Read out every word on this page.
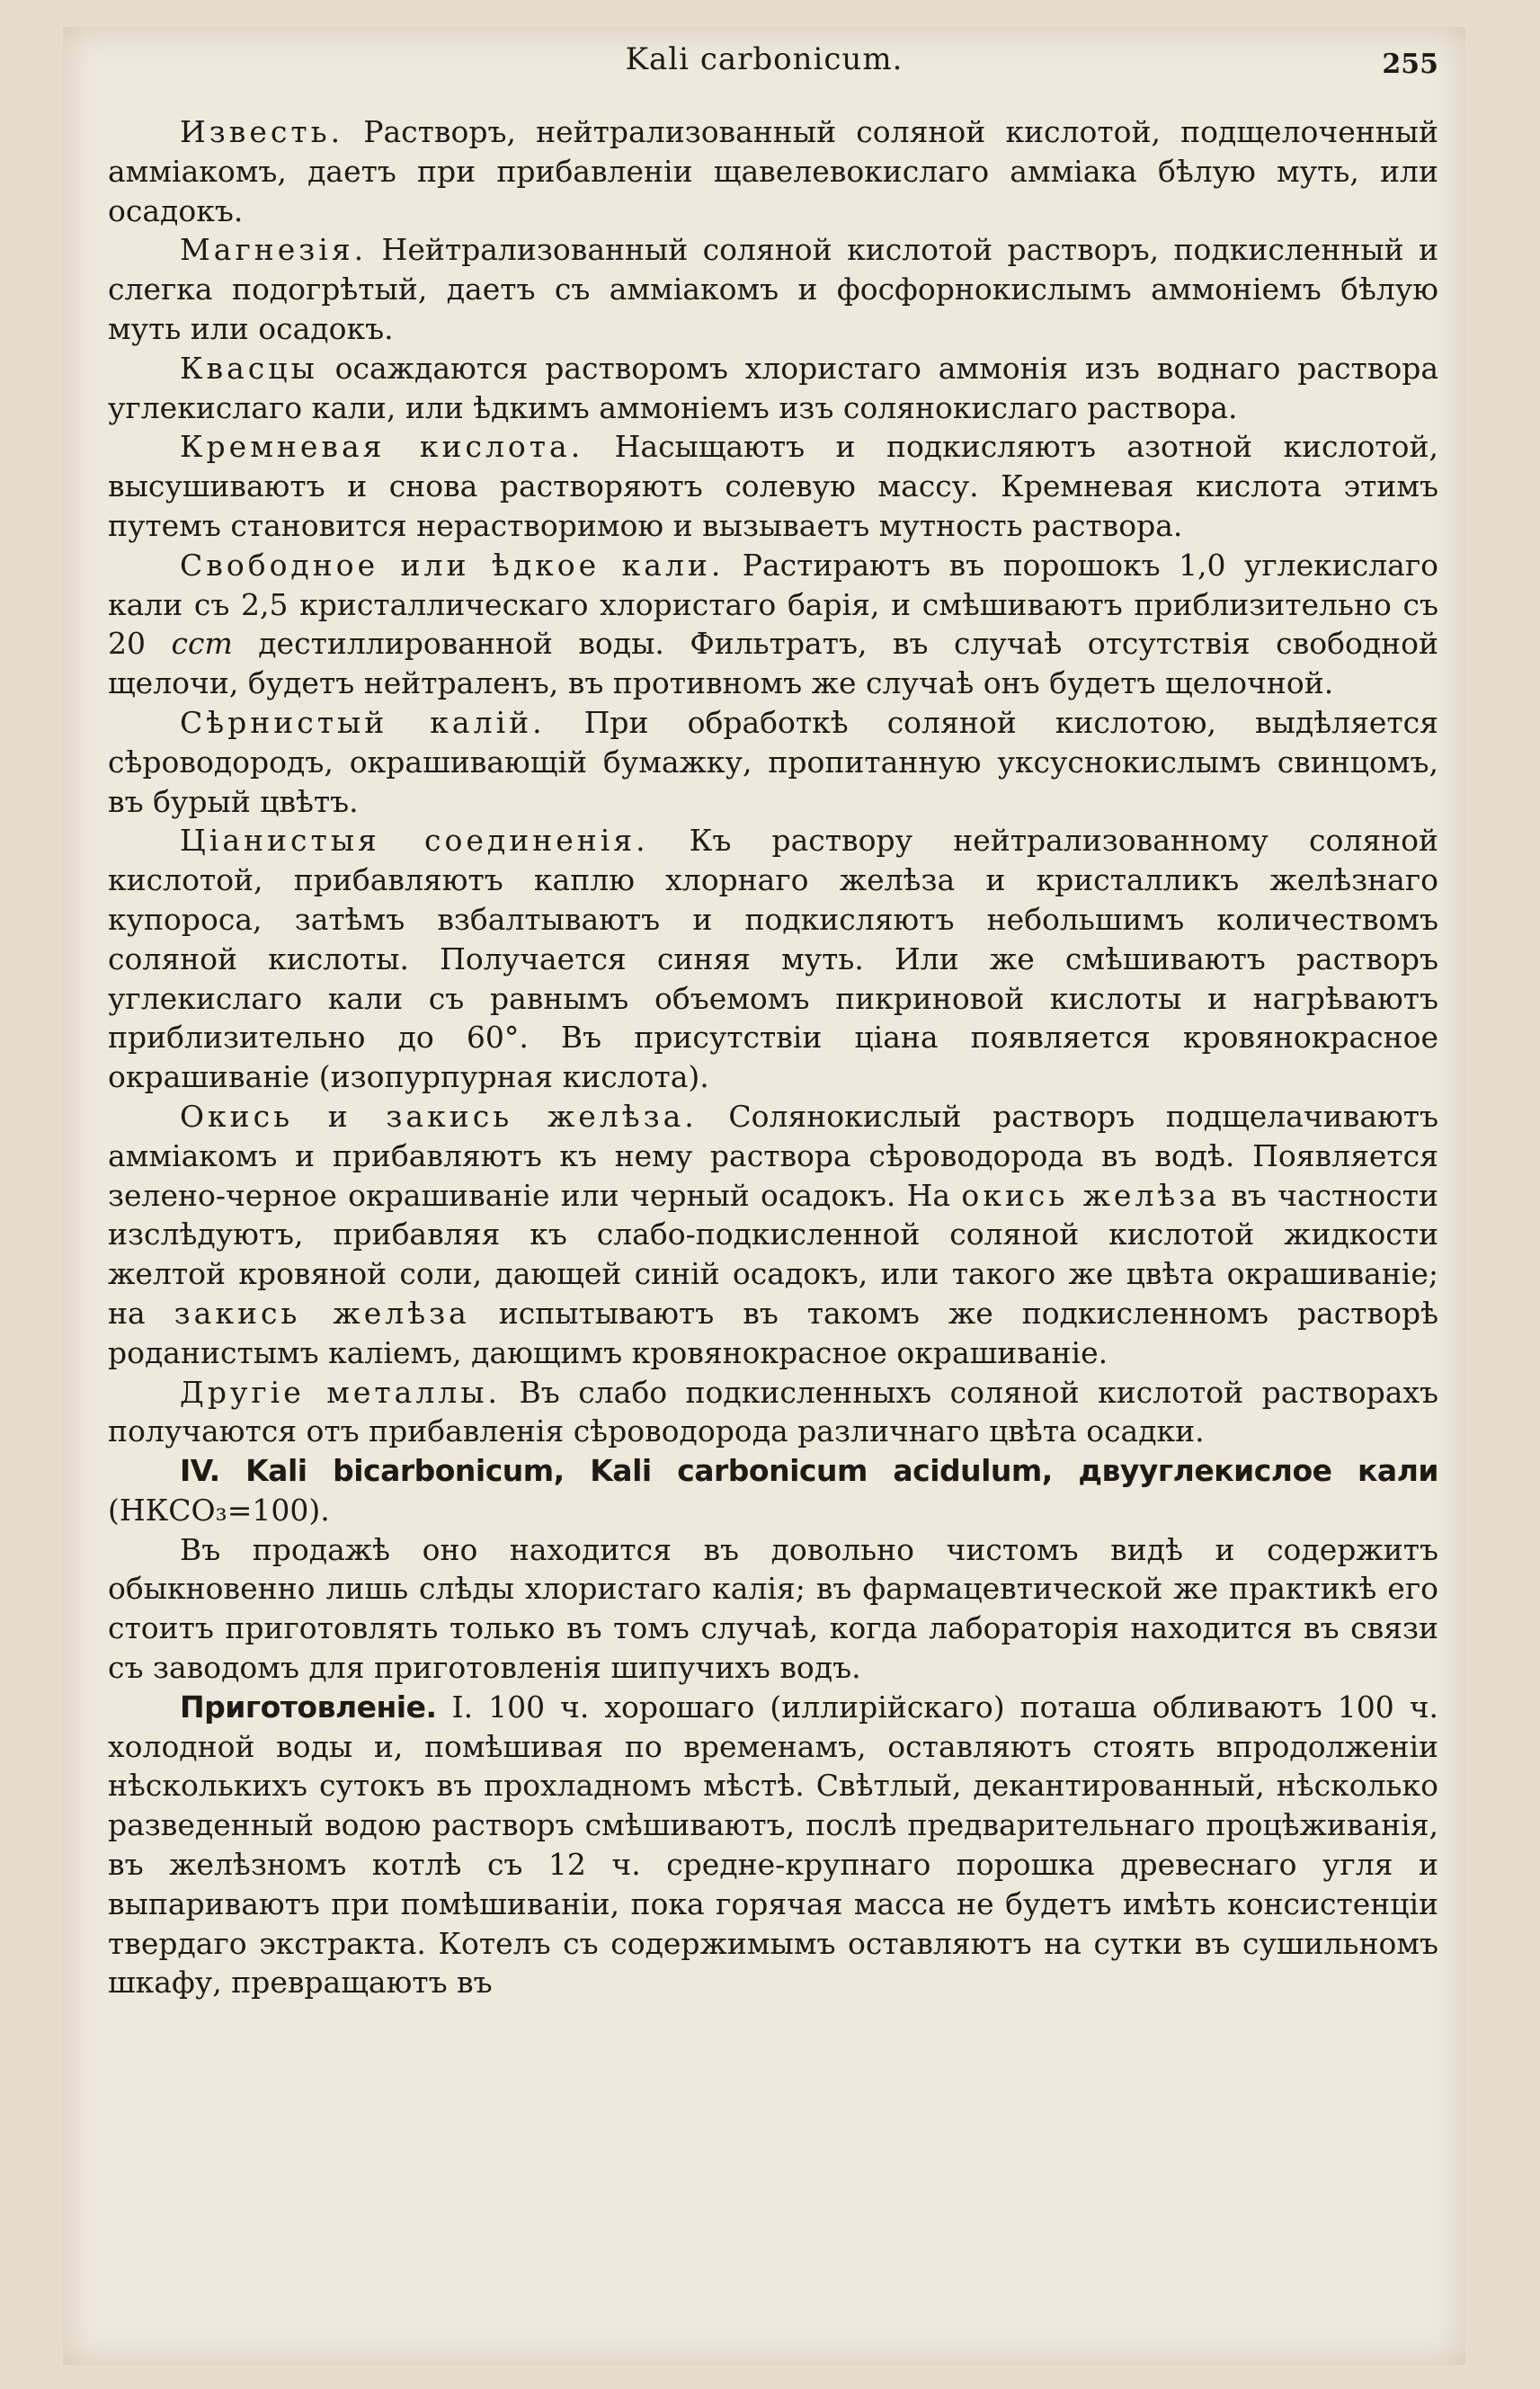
Kali carbonicum.	255

Известь. Растворъ, нейтрализованный соляной кислотой, подщелоченный амміакомъ, даетъ при прибавленіи щавелевокислаго амміака бѣлую муть, или осадокъ.

Магнезія. Нейтрализованный соляной кислотой растворъ, подкисленный и слегка подогрѣтый, даетъ съ амміакомъ и фосфорнокислымъ аммоніемъ бѣлую муть или осадокъ.

Квасцы осаждаются растворомъ хлористаго аммонія изъ воднаго раствора углекислаго кали, или ѣдкимъ аммоніемъ изъ солянокислаго раствора.

Кремневая кислота. Насыщаютъ и подкисляютъ азотной кислотой, высушиваютъ и снова растворяютъ солевую массу. Кремневая кислота этимъ путемъ становится нерастворимою и вызываетъ мутность раствора.

Свободное или ѣдкое кали. Растираютъ въ порошокъ 1,0 углекислаго кали съ 2,5 кристаллическаго хлористаго барія, и смѣшиваютъ приблизительно съ 20 ccm дестиллированной воды. Фильтратъ, въ случаѣ отсутствія свободной щелочи, будетъ нейтраленъ, въ противномъ же случаѣ онъ будетъ щелочной.

Сѣрнистый калій. При обработкѣ соляной кислотою, выдѣляется сѣроводородъ, окрашивающій бумажку, пропитанную уксуснокислымъ свинцомъ, въ бурый цвѣтъ.

Ціанистыя соединенія. Къ раствору нейтрализованному соляной кислотой, прибавляютъ каплю хлорнаго желѣза и кристалликъ желѣзнаго купороса, затѣмъ взбалтываютъ и подкисляютъ небольшимъ количествомъ соляной кислоты. Получается синяя муть. Или же смѣшиваютъ растворъ углекислаго кали съ равнымъ объемомъ пикриновой кислоты и нагрѣваютъ приблизительно до 60°. Въ присутствіи ціана появляется кровянокрасное окрашиваніе (изопурпурная кислота).

Окись и закись желѣза. Солянокислый растворъ подщелачиваютъ амміакомъ и прибавляютъ къ нему раствора сѣроводорода въ водѣ. Появляется зелено-черное окрашиваніе или черный осадокъ. На окись желѣза въ частности изслѣдуютъ, прибавляя къ слабо-подкисленной соляной кислотой жидкости желтой кровяной соли, дающей синій осадокъ, или такого же цвѣта окрашиваніе; на закись желѣза испытываютъ въ такомъ же подкисленномъ растворѣ роданистымъ каліемъ, дающимъ кровянокрасное окрашиваніе.

Другіе металлы. Въ слабо подкисленныхъ соляной кислотой растворахъ получаются отъ прибавленія сѣроводорода различнаго цвѣта осадки.

IV. Kali bicarbonicum, Kali carbonicum acidulum, двууглекислое кали (НКСО₃=100).

Въ продажѣ оно находится въ довольно чистомъ видѣ и содержитъ обыкновенно лишь слѣды хлористаго калія; въ фармацевтической же практикѣ его стоитъ приготовлять только въ томъ случаѣ, когда лабораторія находится въ связи съ заводомъ для приготовленія шипучихъ водъ.

Приготовленіе. I. 100 ч. хорошаго (иллирійскаго) поташа обливаютъ 100 ч. холодной воды и, помѣшивая по временамъ, оставляютъ стоять впродолженіи нѣсколькихъ сутокъ въ прохладномъ мѣстѣ. Свѣтлый, декантированный, нѣсколько разведенный водою растворъ смѣшиваютъ, послѣ предварительнаго процѣживанія, въ желѣзномъ котлѣ съ 12 ч. средне-крупнаго порошка древеснаго угля и выпариваютъ при помѣшиваніи, пока горячая масса не будетъ имѣть консистенціи твердаго экстракта. Котелъ съ содержимымъ оставляютъ на сутки въ сушильномъ шкафу, превращаютъ въ
